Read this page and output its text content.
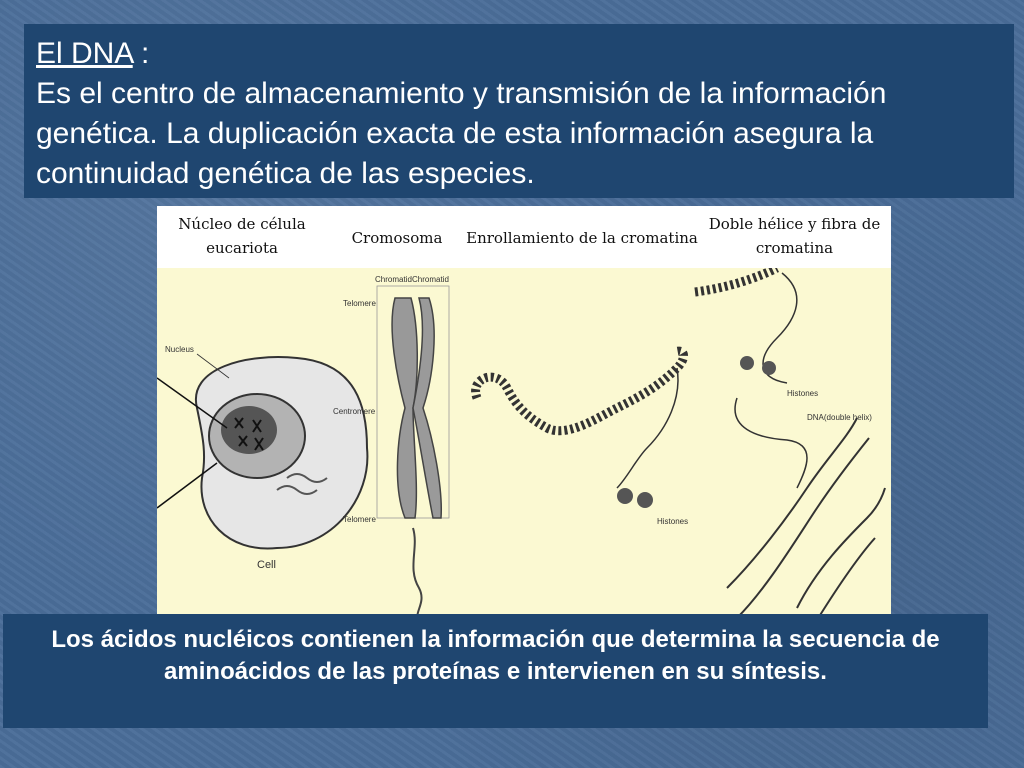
El DNA :
Es el centro de almacenamiento y transmisión de la información genética. La duplicación exacta de esta información asegura la continuidad genética de las especies.
Núcleo de célula eucariota
Cromosoma	Enrollamiento de la cromatina
Doble hélice y fibra de cromatina
Nucleus
Cell
Chromatid Chromatid
Telomere
Centromere
Telomere	Histones
Histones
DNA(double helix)
Los ácidos nucléicos contienen la información que determina la secuencia de aminoácidos de las proteínas e intervienen en su síntesis.
